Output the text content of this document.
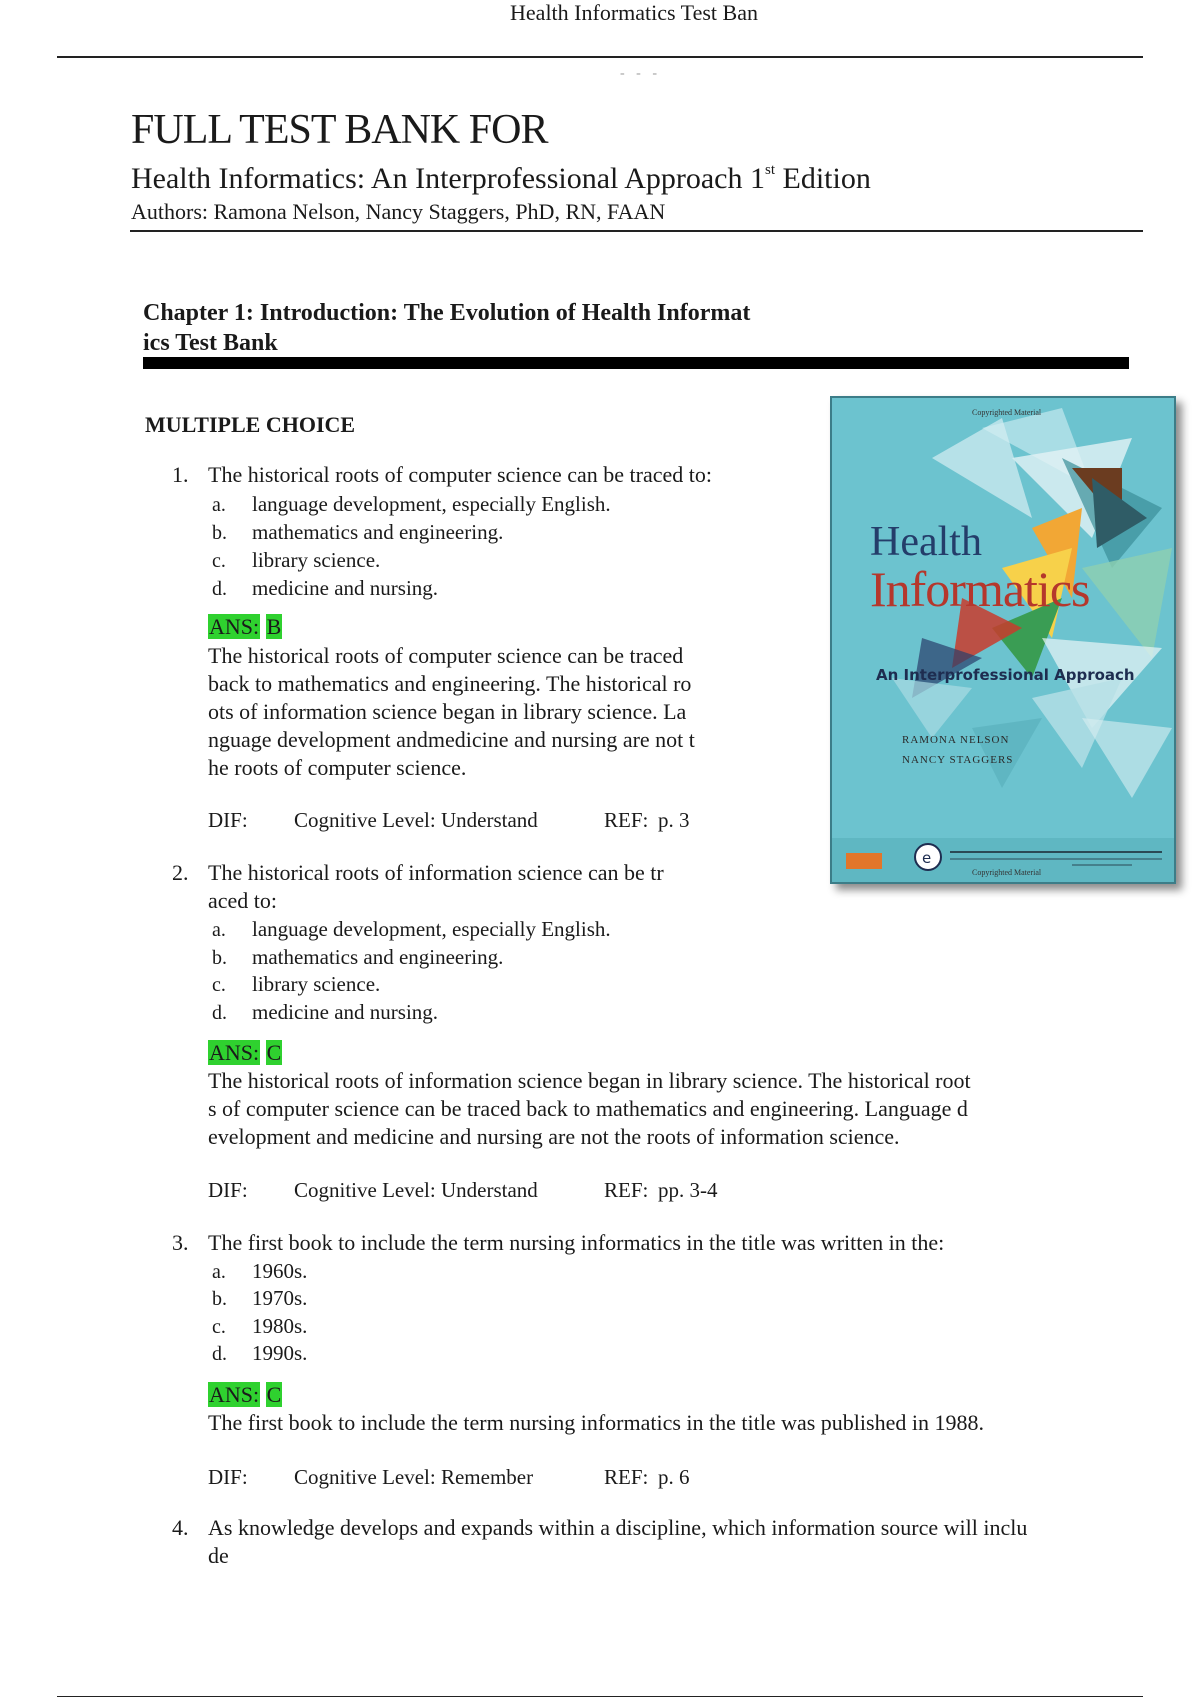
Health Informatics Test Ban
- - -
FULL TEST BANK FOR
Health Informatics: An Interprofessional Approach 1st Edition
Authors: Ramona Nelson, Nancy Staggers, PhD, RN, FAAN
Chapter 1: Introduction: The Evolution of Health Informat
ics Test Bank
MULTIPLE CHOICE
e
Copyrighted Material
Health
Informatics
An Interprofessional Approach
RAMONA NELSON
NANCY STAGGERS
Copyrighted Material
1. The historical roots of computer science can be traced to:
a. language development, especially English.
b. mathematics and engineering.
c. library science.
d. medicine and nursing.
ANS: B
The historical roots of computer science can be traced
back to mathematics and engineering. The historical ro
ots of information science began in library science. La
nguage development andmedicine and nursing are not t
he roots of computer science.
DIF: Cognitive Level: Understand	REF: p. 3
2. The historical roots of information science can be tr
aced to:
a. language development, especially English.
b. mathematics and engineering.
c. library science.
d. medicine and nursing.
ANS: C
The historical roots of information science began in library science. The historical root
s of computer science can be traced back to mathematics and engineering. Language d
evelopment and medicine and nursing are not the roots of information science.
DIF: Cognitive Level: Understand	REF: pp. 3-4
3. The first book to include the term nursing informatics in the title was written in the:
a. 1960s.
b. 1970s.
c. 1980s.
d. 1990s.
ANS: C
The first book to include the term nursing informatics in the title was published in 1988.
DIF: Cognitive Level: Remember	REF: p. 6
4. As knowledge develops and expands within a discipline, which information source will inclu
de
